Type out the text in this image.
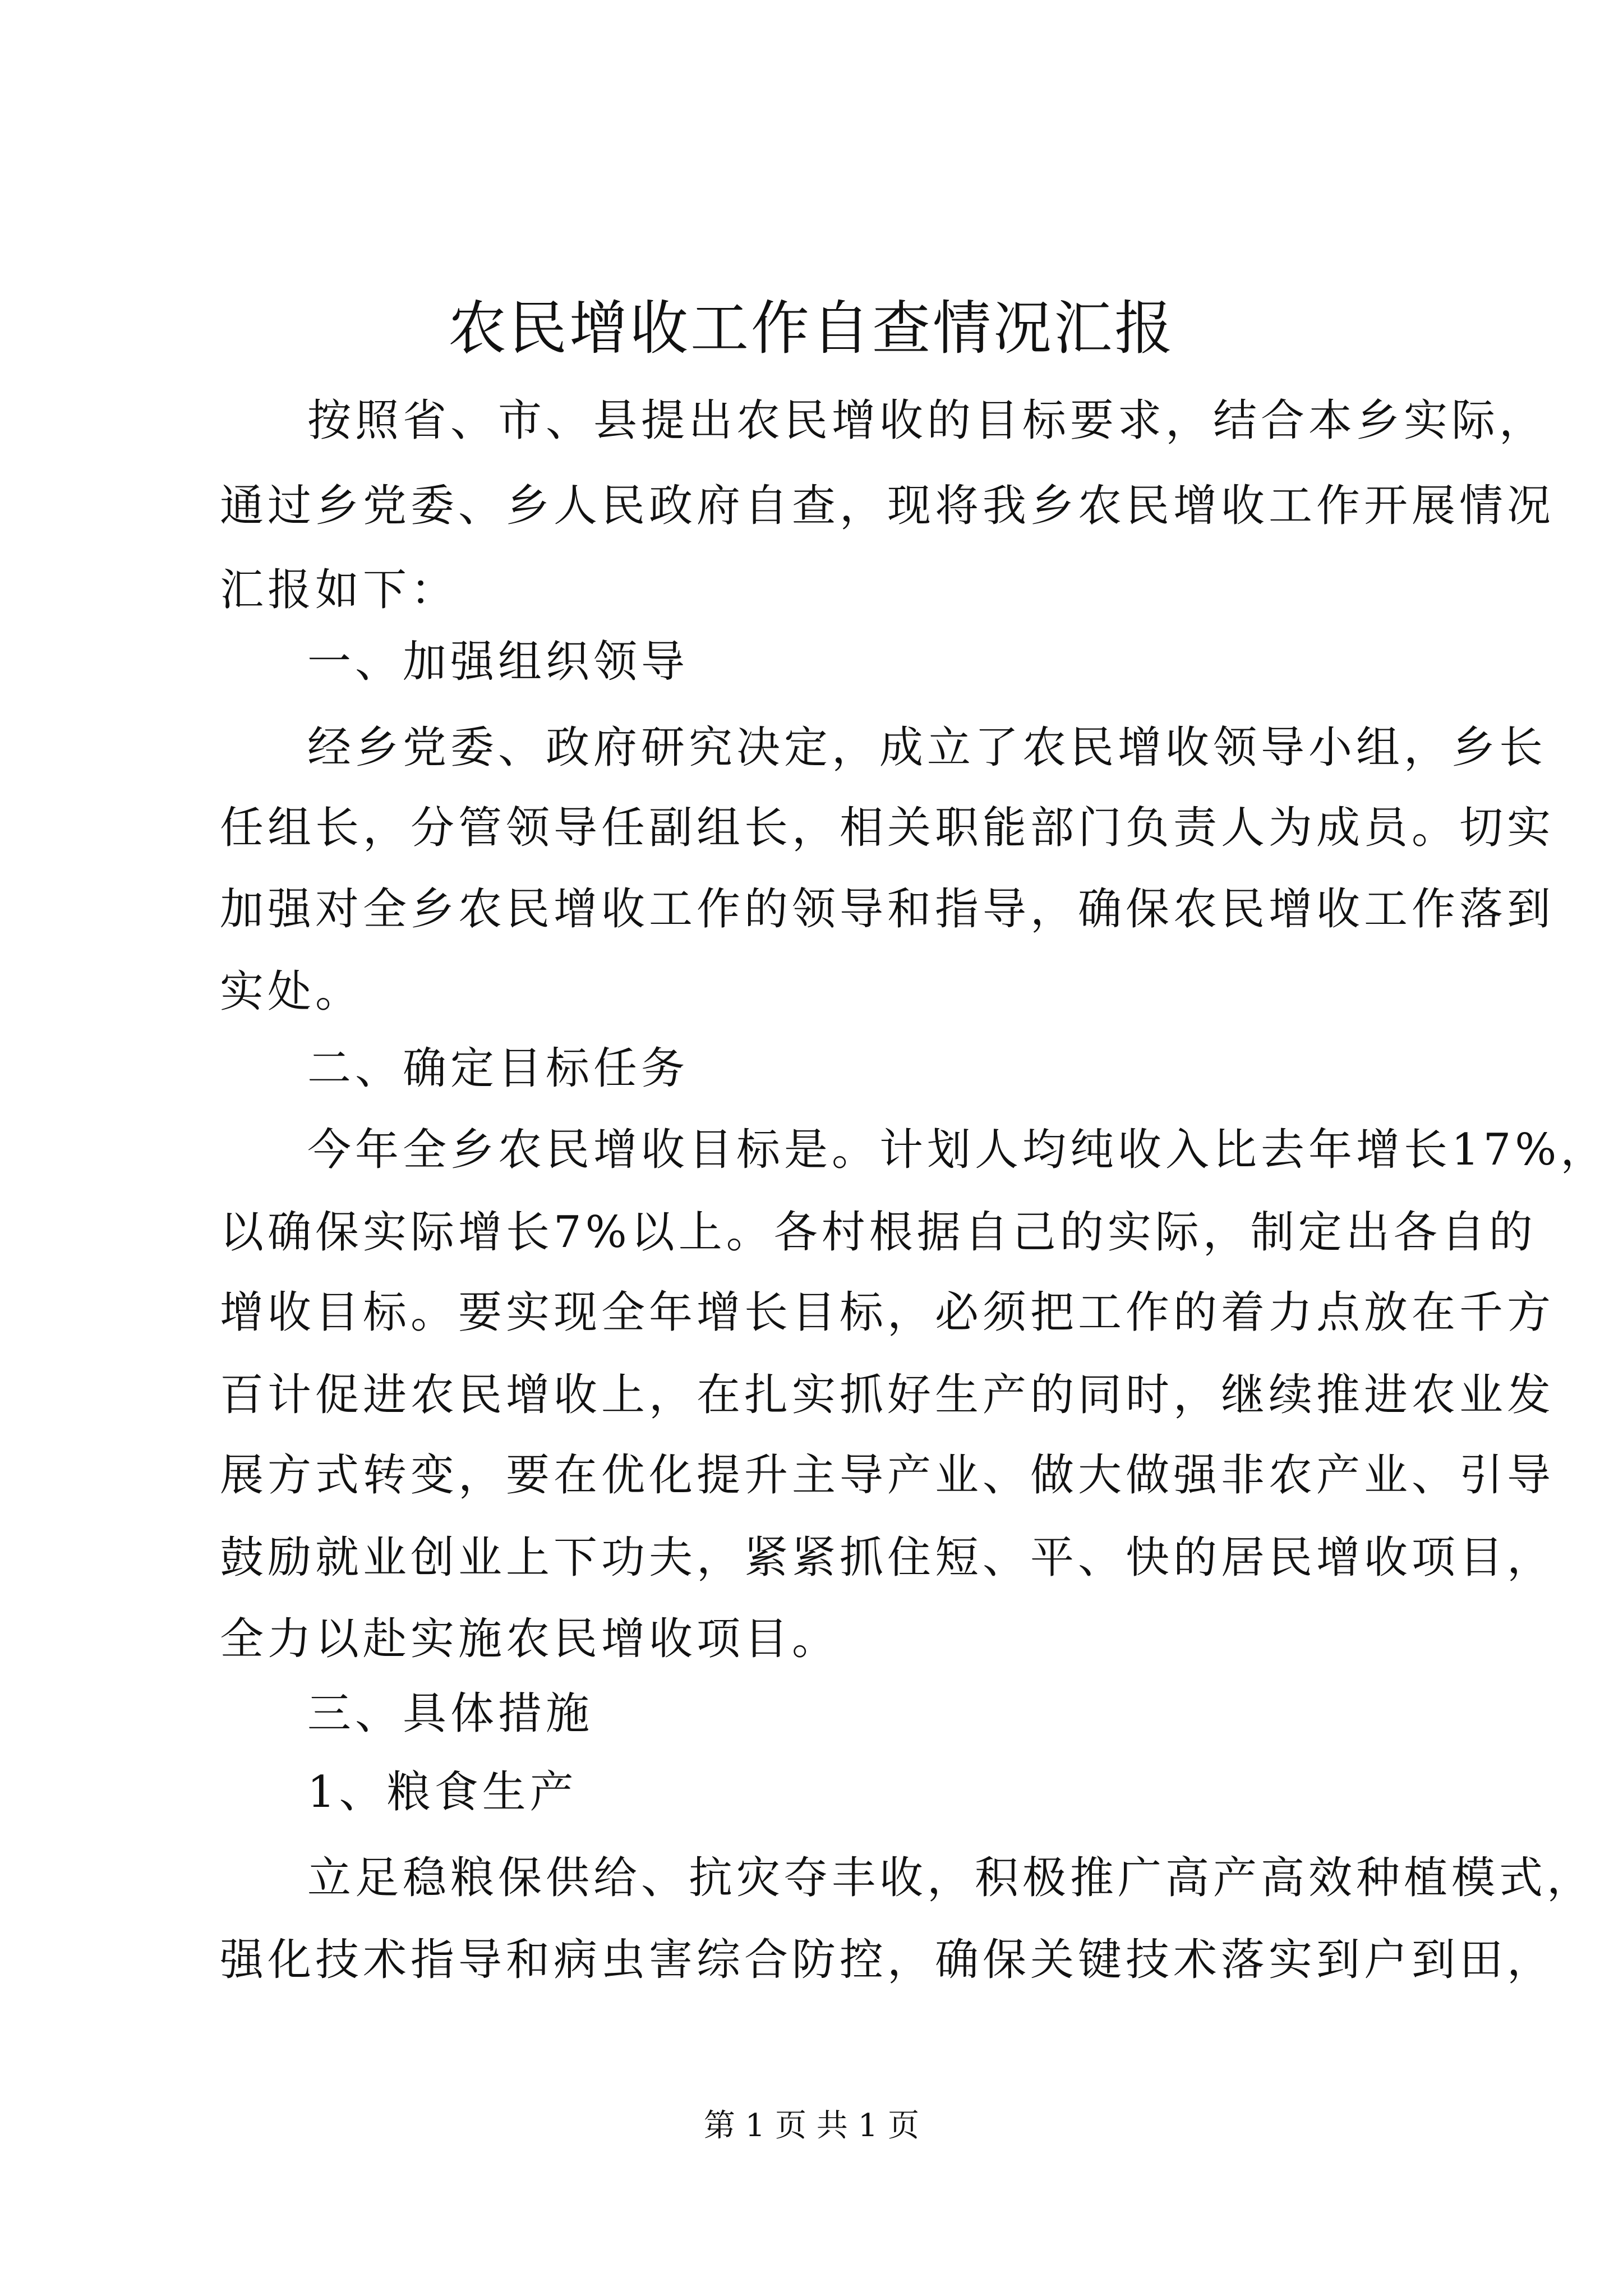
农民增收工作自查情况汇报
按照省、市、县提出农民增收的目标要求，结合本乡实际，
通过乡党委、乡人民政府自查，现将我乡农民增收工作开展情况
汇报如下：
一、加强组织领导
经乡党委、政府研究决定，成立了农民增收领导小组，乡长
任组长，分管领导任副组长，相关职能部门负责人为成员。切实
加强对全乡农民增收工作的领导和指导，确保农民增收工作落到
实处。
二、确定目标任务
今年全乡农民增收目标是。计划人均纯收入比去年增长17%，
以确保实际增长7%以上。各村根据自己的实际，制定出各自的
增收目标。要实现全年增长目标，必须把工作的着力点放在千方
百计促进农民增收上，在扎实抓好生产的同时，继续推进农业发
展方式转变，要在优化提升主导产业、做大做强非农产业、引导
鼓励就业创业上下功夫，紧紧抓住短、平、快的居民增收项目，
全力以赴实施农民增收项目。
三、具体措施
1、粮食生产
立足稳粮保供给、抗灾夺丰收，积极推广高产高效种植模式，
强化技术指导和病虫害综合防控，确保关键技术落实到户到田，
第 1 页 共 1 页
